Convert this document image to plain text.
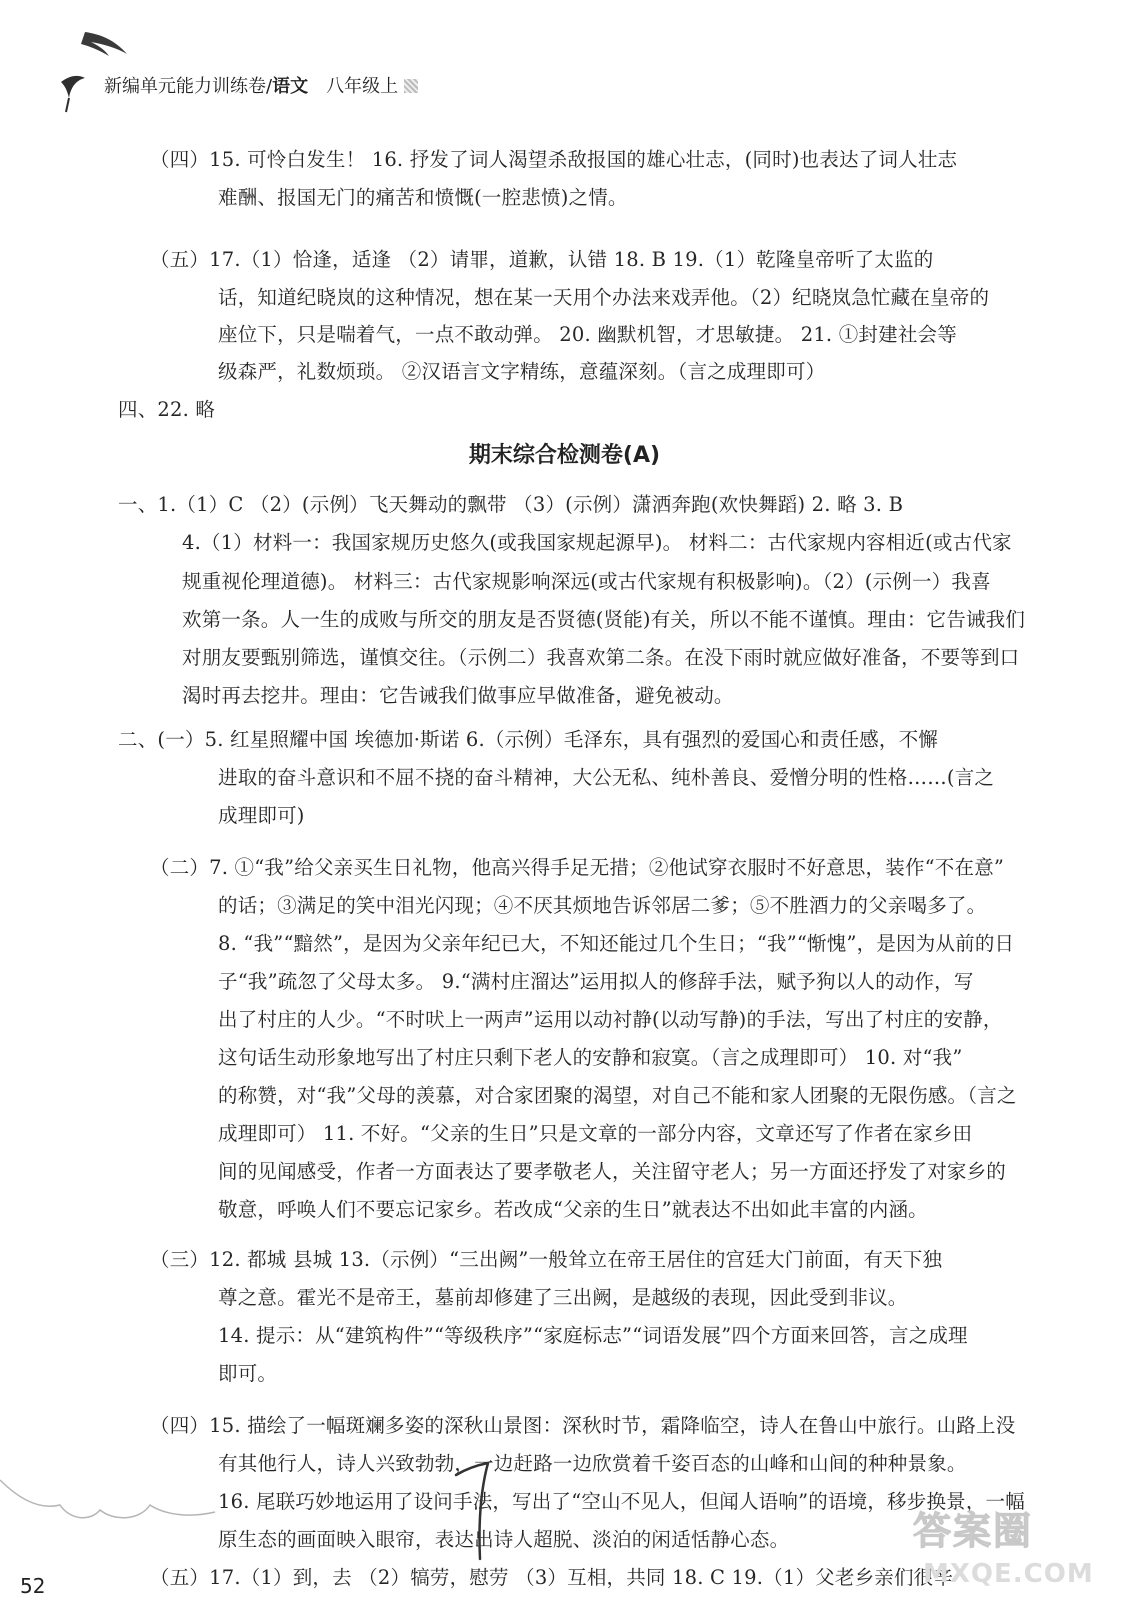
新编单元能力训练卷/语文 八年级上
（四）15. 可怜白发生！ 16. 抒发了词人渴望杀敌报国的雄心壮志，(同时)也表达了词人壮志
难酬、报国无门的痛苦和愤慨(一腔悲愤)之情。
（五）17.（1）恰逢，适逢 （2）请罪，道歉，认错 18. B 19.（1）乾隆皇帝听了太监的
话，知道纪晓岚的这种情况，想在某一天用个办法来戏弄他。（2）纪晓岚急忙藏在皇帝的
座位下，只是喘着气，一点不敢动弹。 20. 幽默机智，才思敏捷。 21. ①封建社会等
级森严，礼数烦琐。 ②汉语言文字精练，意蕴深刻。（言之成理即可）
四、22. 略
期末综合检测卷(A)
一、1.（1）C （2）(示例）飞天舞动的飘带 （3）(示例）潇洒奔跑(欢快舞蹈) 2. 略 3. B
4.（1）材料一：我国家规历史悠久(或我国家规起源早)。 材料二：古代家规内容相近(或古代家
规重视伦理道德)。 材料三：古代家规影响深远(或古代家规有积极影响)。（2）(示例一）我喜
欢第一条。人一生的成败与所交的朋友是否贤德(贤能)有关，所以不能不谨慎。理由：它告诫我们
对朋友要甄别筛选，谨慎交往。（示例二）我喜欢第二条。在没下雨时就应做好准备，不要等到口
渴时再去挖井。理由：它告诫我们做事应早做准备，避免被动。
二、(一）5. 红星照耀中国 埃德加·斯诺 6.（示例）毛泽东，具有强烈的爱国心和责任感，不懈
进取的奋斗意识和不屈不挠的奋斗精神，大公无私、纯朴善良、爱憎分明的性格……(言之
成理即可)
（二）7. ①“我”给父亲买生日礼物，他高兴得手足无措；②他试穿衣服时不好意思，装作“不在意”
的话；③满足的笑中泪光闪现；④不厌其烦地告诉邻居二爹；⑤不胜酒力的父亲喝多了。
8. “我”“黯然”，是因为父亲年纪已大，不知还能过几个生日；“我”“惭愧”，是因为从前的日
子“我”疏忽了父母太多。 9.“满村庄溜达”运用拟人的修辞手法，赋予狗以人的动作，写
出了村庄的人少。“不时吠上一两声”运用以动衬静(以动写静)的手法，写出了村庄的安静，
这句话生动形象地写出了村庄只剩下老人的安静和寂寞。（言之成理即可） 10. 对“我”
的称赞，对“我”父母的羡慕，对合家团聚的渴望，对自己不能和家人团聚的无限伤感。（言之
成理即可） 11. 不好。“父亲的生日”只是文章的一部分内容，文章还写了作者在家乡田
间的见闻感受，作者一方面表达了要孝敬老人，关注留守老人；另一方面还抒发了对家乡的
敬意，呼唤人们不要忘记家乡。若改成“父亲的生日”就表达不出如此丰富的内涵。
（三）12. 都城 县城 13.（示例）“三出阙”一般耸立在帝王居住的宫廷大门前面，有天下独
尊之意。霍光不是帝王，墓前却修建了三出阙，是越级的表现，因此受到非议。
14. 提示：从“建筑构件”“等级秩序”“家庭标志”“词语发展”四个方面来回答，言之成理
即可。
（四）15. 描绘了一幅斑斓多姿的深秋山景图：深秋时节，霜降临空，诗人在鲁山中旅行。山路上没
有其他行人，诗人兴致勃勃，一边赶路一边欣赏着千姿百态的山峰和山间的种种景象。
16. 尾联巧妙地运用了设问手法，写出了“空山不见人，但闻人语响”的语境，移步换景，一幅
原生态的画面映入眼帘，表达出诗人超脱、淡泊的闲适恬静心态。
（五）17.（1）到，去 （2）犒劳，慰劳 （3）互相，共同 18. C 19.（1）父老乡亲们很辛
52
答案圈
MXQE.COM
